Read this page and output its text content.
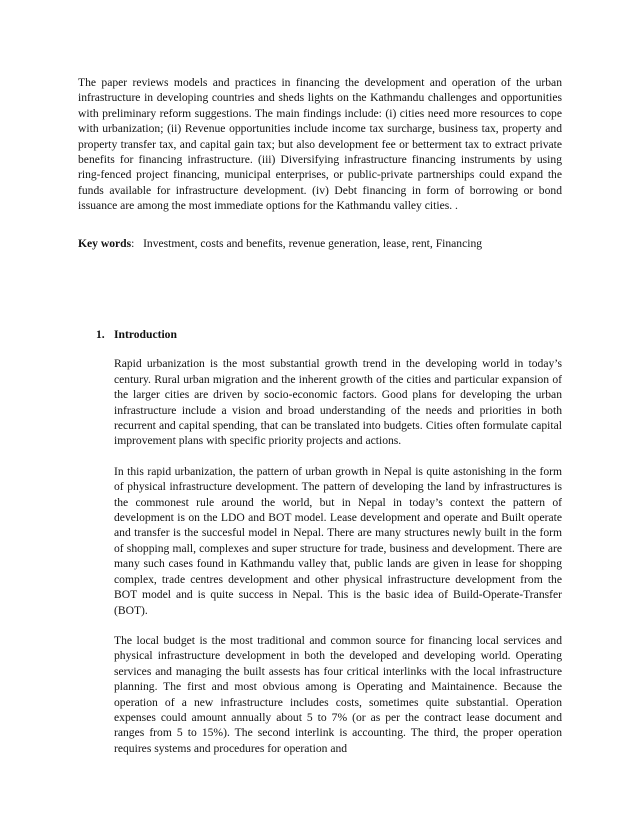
The paper reviews models and practices in financing the development and operation of the urban infrastructure in developing countries and sheds lights on the Kathmandu challenges and opportunities with preliminary reform suggestions. The main findings include: (i) cities need more resources to cope with urbanization; (ii) Revenue opportunities include income tax surcharge, business tax, property and property transfer tax, and capital gain tax; but also development fee or betterment tax to extract private benefits for financing infrastructure. (iii) Diversifying infrastructure financing instruments by using ring-fenced project financing, municipal enterprises, or public-private partnerships could expand the funds available for infrastructure development. (iv) Debt financing in form of borrowing or bond issuance are among the most immediate options for the Kathmandu valley cities. .

Key words:   Investment, costs and benefits, revenue generation, lease, rent, Financing

1. Introduction

Rapid urbanization is the most substantial growth trend in the developing world in today’s century. Rural urban migration and the inherent growth of the cities and particular expansion of the larger cities are driven by socio-economic factors. Good plans for developing the urban infrastructure include a vision and broad understanding of the needs and priorities in both recurrent and capital spending, that can be translated into budgets. Cities often formulate capital improvement plans with specific priority projects and actions.

In this rapid urbanization, the pattern of urban growth in Nepal is quite astonishing in the form of physical infrastructure development. The pattern of developing the land by infrastructures is the commonest rule around the world, but in Nepal in today’s context the pattern of development is on the LDO and BOT model. Lease development and operate and Built operate and transfer is the succesful model in Nepal. There are many structures newly built in the form of shopping mall, complexes and super structure for trade, business and development. There are many such cases found in Kathmandu valley that, public lands are given in lease for shopping complex, trade centres development and other physical infrastructure development from the BOT model and is quite success in Nepal. This is the basic idea of Build-Operate-Transfer (BOT).

The local budget is the most traditional and common source for financing local services and physical infrastructure development in both the developed and developing world. Operating services and managing the built assests has four critical interlinks with the local infrastructure planning. The first and most obvious among is Operating and Maintainence. Because the operation of a new infrastructure includes costs, sometimes quite substantial. Operation expenses could amount annually about 5 to 7% (or as per the contract lease document and ranges from 5 to 15%). The second interlink is accounting. The third, the proper operation requires systems and procedures for operation and
